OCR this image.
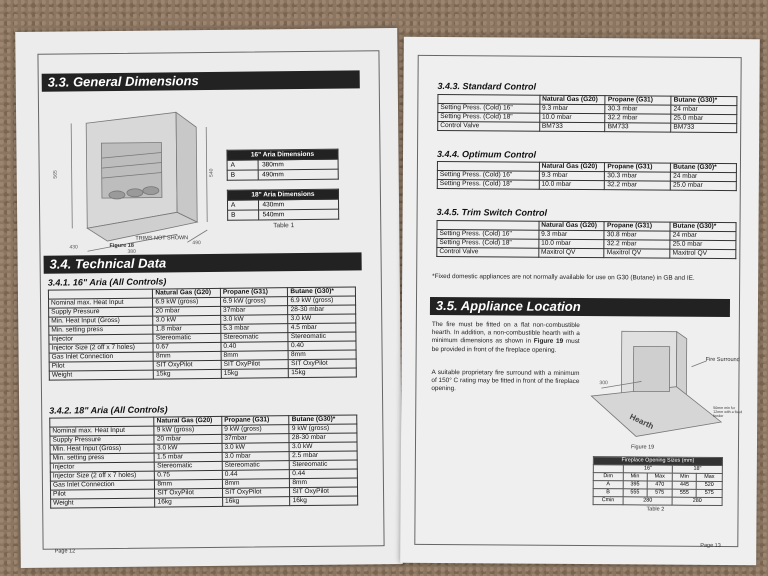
3.3. General Dimensions
565	540
380
490
430
TRIMS NOT SHOWN
Figure 18
16" Aria Dimensions	
A	380mm
B	490mm
18" Aria Dimensions	
A	430mm
B	540mm
Table 1
3.4. Technical Data
3.4.1. 16" Aria (All Controls)
	Natural Gas (G20)	Propane (G31)	Butane (G30)*
Nominal max. Heat Input	6.9 kW (gross)	6.9 kW (gross)	6.9 kW (gross)
Supply Pressure	20 mbar	37mbar	28-30 mbar
Min. Heat Input (Gross)	3.0 kW	3.0 kW	3.0 kW
Min. setting press	1.8 mbar	5.3 mbar	4.5 mbar
Injector	Stereomatic	Stereomatic	Stereomatic
Injector Size (2 off x 7 holes)	0.67	0.40	0.40
Gas Inlet Connection	8mm	8mm	8mm
Pilot	SIT OxyPilot	SIT OxyPilot	SIT OxyPilot
Weight	15kg	15kg	15kg
3.4.2. 18" Aria (All Controls)
	Natural Gas (G20)	Propane (G31)	Butane (G30)*
Nominal max. Heat Input	9 kW (gross)	9 kW (gross)	9 kW (gross)
Supply Pressure	20 mbar	37mbar	28-30 mbar
Min. Heat Input (Gross)	3.0 kW	3.0 kW	3.0 kW
Min. setting press	1.5 mbar	3.0 mbar	2.5 mbar
Injector	Stereomatic	Stereomatic	Stereomatic
Injector Size (2 off x 7 holes)	0.75	0.44	0.44
Gas Inlet Connection	8mm	8mm	8mm
Pilot	SIT OxyPilot	SIT OxyPilot	SIT OxyPilot
Weight	16kg	16kg	16kg
Page 12
3.4.3. Standard Control
	Natural Gas (G20)	Propane (G31)	Butane (G30)*
Setting Press. (Cold) 16"	9.3 mbar	30.3 mbar	24 mbar
Setting Press. (Cold) 18"	10.0 mbar	32.2 mbar	25.0 mbar
Control Valve	BM733	BM733	BM733
3.4.4. Optimum Control
	Natural Gas (G20)	Propane (G31)	Butane (G30)*
Setting Press. (Cold) 16"	9.3 mbar	30.3 mbar	24 mbar
Setting Press. (Cold) 18"	10.0 mbar	32.2 mbar	25.0 mbar
3.4.5. Trim Switch Control
	Natural Gas (G20)	Propane (G31)	Butane (G30)*
Setting Press. (Cold) 16"	9.3 mbar	30.8 mbar	24 mbar
Setting Press. (Cold) 18"	10.0 mbar	32.2 mbar	25.0 mbar
Control Valve	Maxitrol QV	Maxitrol QV	Maxitrol QV
*Fixed domestic appliances are not normally available for use on G30 (Butane) in GB and IE.
3.5. Appliance Location
The fire must be fitted on a flat non-combustible hearth. In addition, a non-combustible hearth with a minimum dimensions as shown in Figure 19 must be provided in front of the fireplace opening.
A suitable proprietary fire surround with a minimum of 150° C rating may be fitted in front of the fireplace opening.
300
Hearth
Fire Surround
50mm min for 12mm with a fixed fender
Figure 19
Fireplace Opening Sizes (mm)				
	16"		18"	
Dim	Min	Max	Min	Max
A	395	470	445	520
B	555	575	555	575
Cmin	280		280	
Table 2
Page 13
